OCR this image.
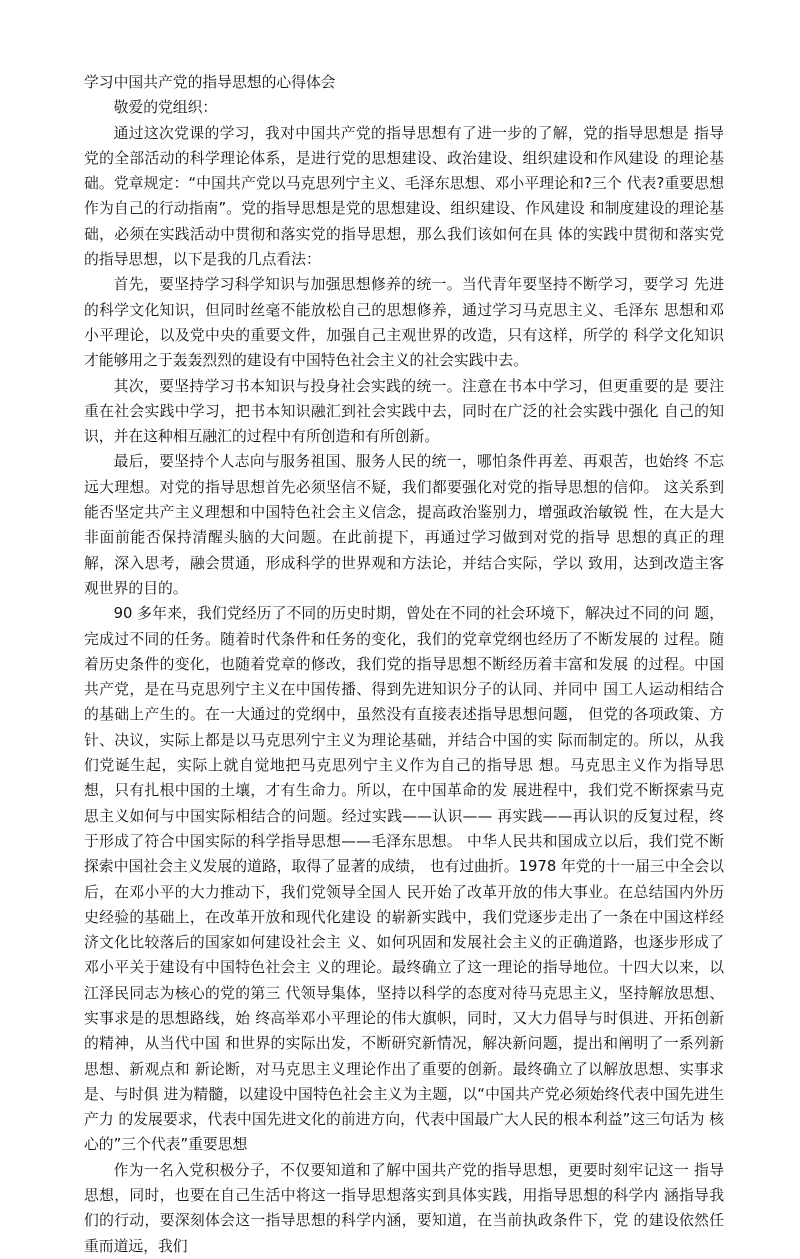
学习中国共产党的指导思想的心得体会

敬爱的党组织：

通过这次党课的学习，我对中国共产党的指导思想有了进一步的了解，党的指导思想是 指导党的全部活动的科学理论体系，是进行党的思想建设、政治建设、组织建设和作风建设 的理论基础。党章规定：“中国共产党以马克思列宁主义、毛泽东思想、邓小平理论和?三个 代表?重要思想作为自己的行动指南”。党的指导思想是党的思想建设、组织建设、作风建设 和制度建设的理论基础，必须在实践活动中贯彻和落实党的指导思想，那么我们该如何在具 体的实践中贯彻和落实党的指导思想，以下是我的几点看法：

首先，要坚持学习科学知识与加强思想修养的统一。当代青年要坚持不断学习，要学习 先进的科学文化知识，但同时丝毫不能放松自己的思想修养，通过学习马克思主义、毛泽东 思想和邓小平理论，以及党中央的重要文件，加强自己主观世界的改造，只有这样，所学的 科学文化知识才能够用之于轰轰烈烈的建设有中国特色社会主义的社会实践中去。

其次，要坚持学习书本知识与投身社会实践的统一。注意在书本中学习，但更重要的是 要注重在社会实践中学习，把书本知识融汇到社会实践中去，同时在广泛的社会实践中强化 自己的知识，并在这种相互融汇的过程中有所创造和有所创新。

最后，要坚持个人志向与服务祖国、服务人民的统一，哪怕条件再差、再艰苦，也始终 不忘远大理想。对党的指导思想首先必须坚信不疑，我们都要强化对党的指导思想的信仰。 这关系到能否坚定共产主义理想和中国特色社会主义信念，提高政治鉴别力，增强政治敏锐 性，在大是大非面前能否保持清醒头脑的大问题。在此前提下，再通过学习做到对党的指导 思想的真正的理解，深入思考，融会贯通，形成科学的世界观和方法论，并结合实际，学以 致用，达到改造主客观世界的目的。

90 多年来，我们党经历了不同的历史时期，曾处在不同的社会环境下，解决过不同的问 题，完成过不同的任务。随着时代条件和任务的变化，我们的党章党纲也经历了不断发展的 过程。随着历史条件的变化，也随着党章的修改，我们党的指导思想不断经历着丰富和发展 的过程。中国共产党，是在马克思列宁主义在中国传播、得到先进知识分子的认同、并同中 国工人运动相结合的基础上产生的。在一大通过的党纲中，虽然没有直接表述指导思想问题， 但党的各项政策、方针、决议，实际上都是以马克思列宁主义为理论基础，并结合中国的实 际而制定的。所以，从我们党诞生起，实际上就自觉地把马克思列宁主义作为自己的指导思 想。马克思主义作为指导思想，只有扎根中国的土壤，才有生命力。所以，在中国革命的发 展进程中，我们党不断探索马克思主义如何与中国实际相结合的问题。经过实践——认识—— 再实践——再认识的反复过程，终于形成了符合中国实际的科学指导思想——毛泽东思想。 中华人民共和国成立以后，我们党不断探索中国社会主义发展的道路，取得了显著的成绩， 也有过曲折。1978 年党的十一届三中全会以后，在邓小平的大力推动下，我们党领导全国人 民开始了改革开放的伟大事业。在总结国内外历史经验的基础上，在改革开放和现代化建设 的崭新实践中，我们党逐步走出了一条在中国这样经济文化比较落后的国家如何建设社会主 义、如何巩固和发展社会主义的正确道路，也逐步形成了邓小平关于建设有中国特色社会主 义的理论。最终确立了这一理论的指导地位。十四大以来，以江泽民同志为核心的党的第三 代领导集体，坚持以科学的态度对待马克思主义，坚持解放思想、实事求是的思想路线，始 终高举邓小平理论的伟大旗帜，同时，又大力倡导与时俱进、开拓创新的精神，从当代中国 和世界的实际出发，不断研究新情况，解决新问题，提出和阐明了一系列新思想、新观点和 新论断，对马克思主义理论作出了重要的创新。最终确立了以解放思想、实事求是、与时俱 进为精髓，以建设中国特色社会主义为主题，以“中国共产党必须始终代表中国先进生产力 的发展要求，代表中国先进文化的前进方向，代表中国最广大人民的根本利益”这三句话为 核心的”三个代表”重要思想

作为一名入党积极分子，不仅要知道和了解中国共产党的指导思想，更要时刻牢记这一 指导思想，同时，也要在自己生活中将这一指导思想落实到具体实践，用指导思想的科学内 涵指导我们的行动，要深刻体会这一指导思想的科学内涵，要知道，在当前执政条件下，党 的建设依然任重而道远，我们
